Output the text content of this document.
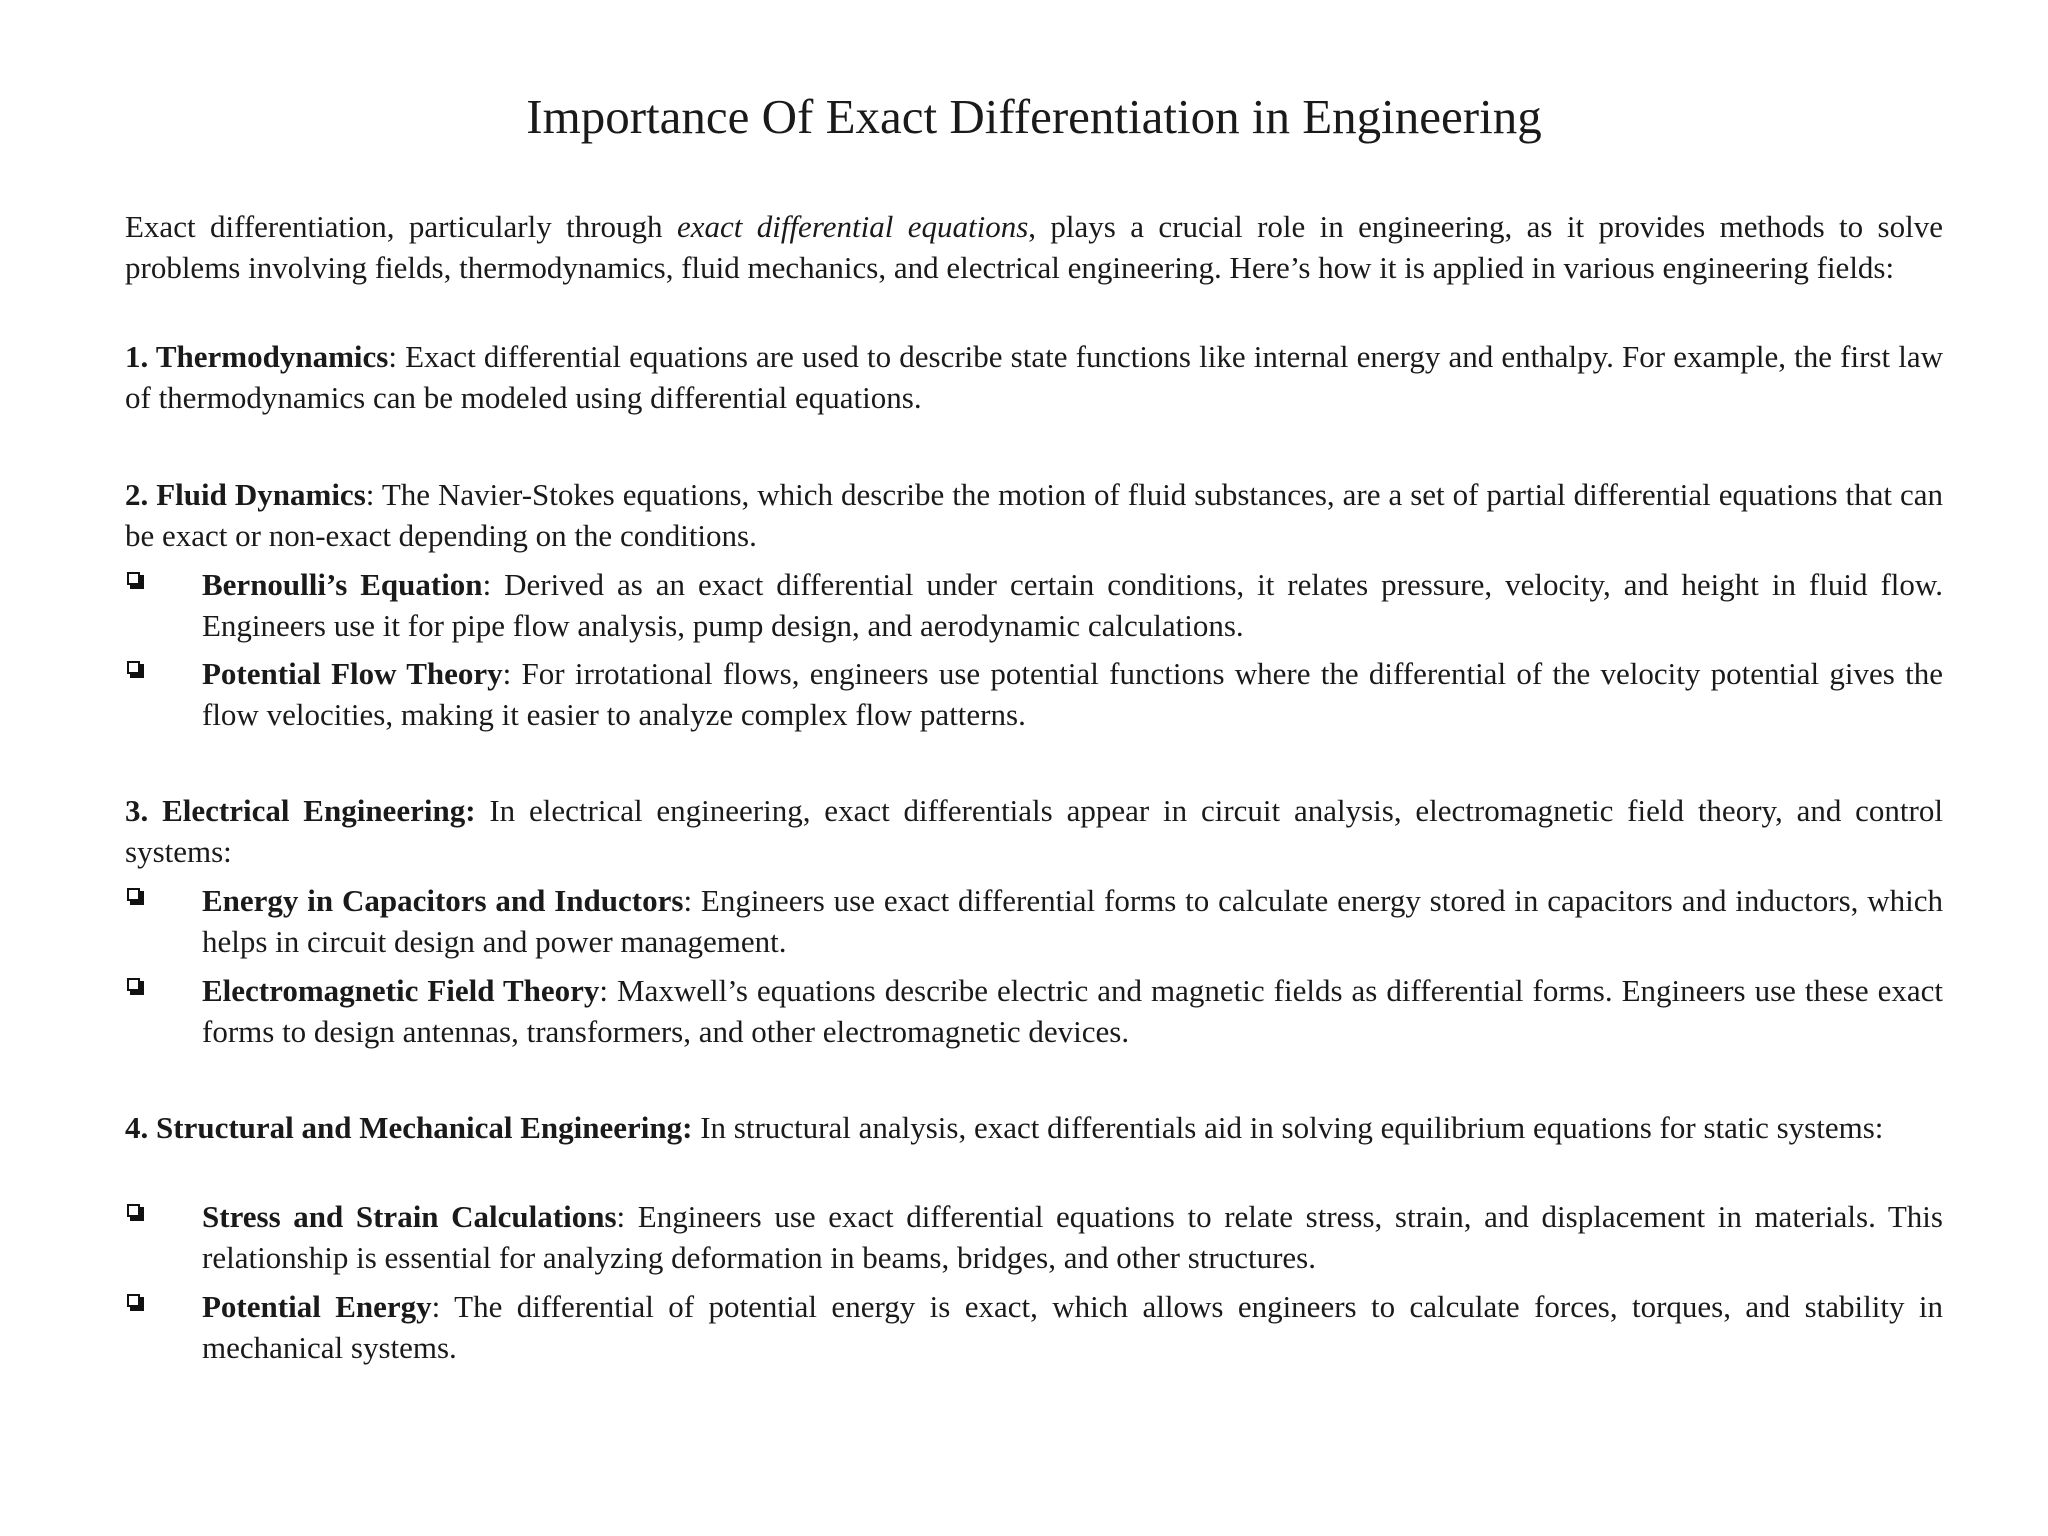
Importance Of Exact Differentiation in Engineering

Exact differentiation, particularly through exact differential equations, plays a crucial role in engineering, as it provides methods to solve problems involving fields, thermodynamics, fluid mechanics, and electrical engineering. Here’s how it is applied in various engineering fields:

1. Thermodynamics: Exact differential equations are used to describe state functions like internal energy and enthalpy. For example, the first law of thermodynamics can be modeled using differential equations.

2. Fluid Dynamics: The Navier-Stokes equations, which describe the motion of fluid substances, are a set of partial differential equations that can be exact or non-exact depending on the conditions.

Bernoulli’s Equation: Derived as an exact differential under certain conditions, it relates pressure, velocity, and height in fluid flow. Engineers use it for pipe flow analysis, pump design, and aerodynamic calculations.

Potential Flow Theory: For irrotational flows, engineers use potential functions where the differential of the velocity potential gives the flow velocities, making it easier to analyze complex flow patterns.

3. Electrical Engineering: In electrical engineering, exact differentials appear in circuit analysis, electromagnetic field theory, and control systems:

Energy in Capacitors and Inductors: Engineers use exact differential forms to calculate energy stored in capacitors and inductors, which helps in circuit design and power management.

Electromagnetic Field Theory: Maxwell’s equations describe electric and magnetic fields as differential forms. Engineers use these exact forms to design antennas, transformers, and other electromagnetic devices.

4. Structural and Mechanical Engineering: In structural analysis, exact differentials aid in solving equilibrium equations for static systems:

Stress and Strain Calculations: Engineers use exact differential equations to relate stress, strain, and displacement in materials. This relationship is essential for analyzing deformation in beams, bridges, and other structures.

Potential Energy: The differential of potential energy is exact, which allows engineers to calculate forces, torques, and stability in mechanical systems.
